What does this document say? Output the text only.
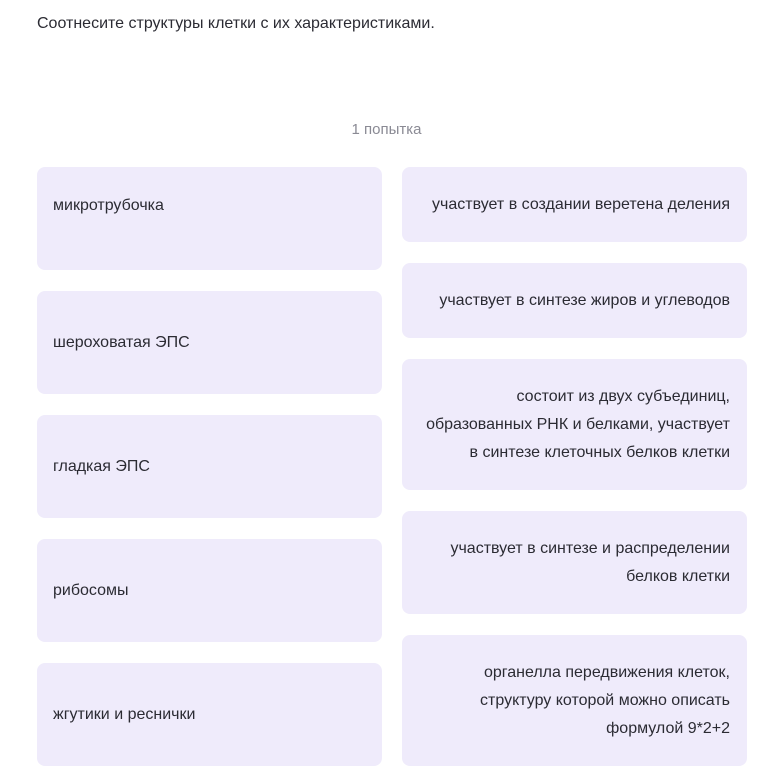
Соотнесите структуры клетки с их характеристиками.
1 попытка
микротрубочка
шероховатая ЭПС
гладкая ЭПС
рибосомы
жгутики и реснички
участвует в создании веретена деления
участвует в синтезе жиров и углеводов
состоит из двух субъединиц, образованных РНК и белками, участвует в синтезе клеточных белков клетки
участвует в синтезе и распределении белков клетки
органелла передвижения клеток, структуру которой можно описать формулой 9*2+2
